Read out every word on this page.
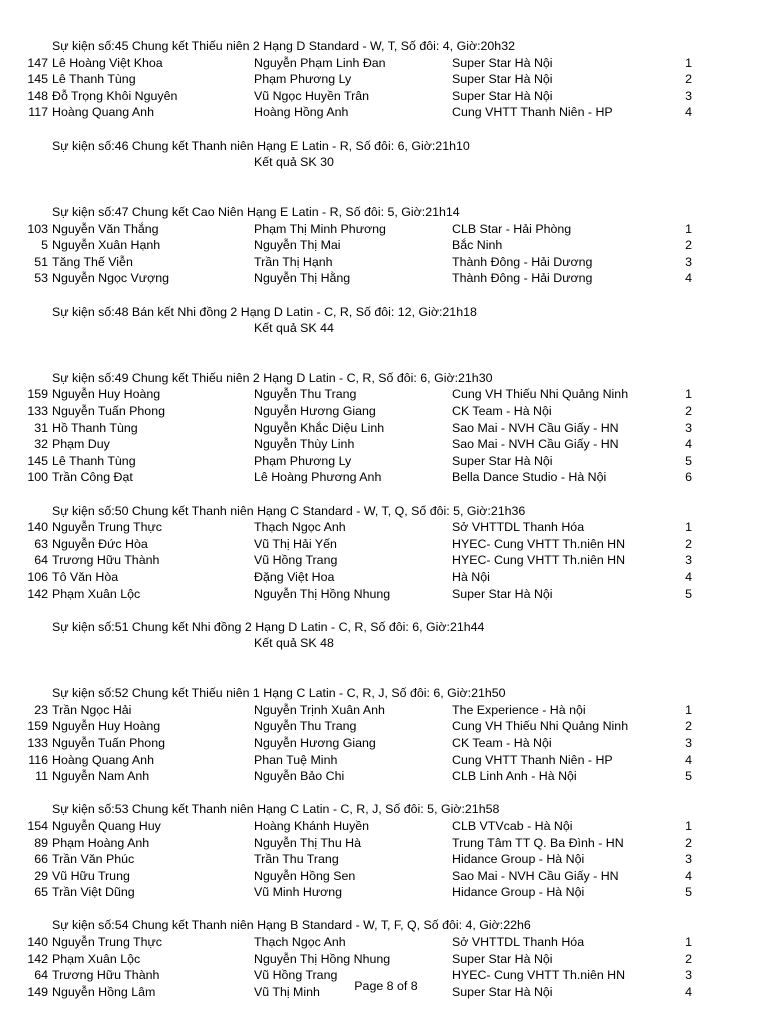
Sự kiện số:45 Chung kết Thiếu niên 2 Hạng D Standard - W, T, Số đôi: 4, Giờ:20h32
147 Lê Hoàng Việt Khoa	Nguyễn Phạm Linh Đan	Super Star Hà Nội	1
145 Lê Thanh Tùng	Phạm Phương Ly	Super Star Hà Nội	2
148 Đỗ Trọng Khôi Nguyên	Vũ Ngọc Huyền Trân	Super Star Hà Nội	3
117 Hoàng Quang Anh	Hoàng Hồng Anh	Cung VHTT Thanh Niên - HP	4
Sự kiện số:46 Chung kết Thanh niên Hạng E Latin - R, Số đôi: 6, Giờ:21h10
Kết quả SK 30
Sự kiện số:47 Chung kết Cao Niên Hạng E Latin - R, Số đôi: 5, Giờ:21h14
103 Nguyễn Văn Thắng	Phạm Thị Minh Phương	CLB Star - Hải Phòng	1
5 Nguyễn Xuân Hạnh	Nguyễn Thị Mai	Bắc Ninh	2
51 Tăng Thế Viễn	Trần Thị Hạnh	Thành Đông - Hải Dương	3
53 Nguyễn Ngọc Vượng	Nguyễn Thị Hằng	Thành Đông - Hải Dương	4
Sự kiện số:48 Bán kết Nhi đồng 2 Hạng D Latin - C, R, Số đôi: 12, Giờ:21h18
Kết quả SK 44
Sự kiện số:49 Chung kết Thiếu niên 2 Hạng D Latin - C, R, Số đôi: 6, Giờ:21h30
159 Nguyễn Huy Hoàng	Nguyễn Thu Trang	Cung VH Thiếu Nhi Quảng Ninh	1
133 Nguyễn Tuấn Phong	Nguyễn Hương Giang	CK Team - Hà Nội	2
31 Hồ Thanh Tùng	Nguyễn Khắc Diệu Linh	Sao Mai - NVH Cầu Giấy - HN	3
32 Phạm Duy	Nguyễn Thùy Linh	Sao Mai - NVH Cầu Giấy - HN	4
145 Lê Thanh Tùng	Phạm Phương Ly	Super Star Hà Nội	5
100 Trần Công Đạt	Lê Hoàng Phương Anh	Bella Dance Studio - Hà Nội	6
Sự kiện số:50 Chung kết Thanh niên Hạng C Standard - W, T, Q, Số đôi: 5, Giờ:21h36
140 Nguyễn Trung Thực	Thạch Ngọc Anh	Sở VHTTDL Thanh Hóa	1
63 Nguyễn Đức Hòa	Vũ Thị Hải Yến	HYEC- Cung VHTT Th.niên HN	2
64 Trương Hữu Thành	Vũ Hồng Trang	HYEC- Cung VHTT Th.niên HN	3
106 Tô Văn Hòa	Đặng Việt Hoa	Hà Nội	4
142 Phạm Xuân Lộc	Nguyễn Thị Hồng Nhung	Super Star Hà Nội	5
Sự kiện số:51 Chung kết Nhi đồng 2 Hạng D Latin - C, R, Số đôi: 6, Giờ:21h44
Kết quả SK 48
Sự kiện số:52 Chung kết Thiếu niên 1 Hạng C Latin - C, R, J, Số đôi: 6, Giờ:21h50
23 Trần Ngọc Hải	Nguyễn Trịnh Xuân Anh	The Experience - Hà nội	1
159 Nguyễn Huy Hoàng	Nguyễn Thu Trang	Cung VH Thiếu Nhi Quảng Ninh	2
133 Nguyễn Tuấn Phong	Nguyễn Hương Giang	CK Team - Hà Nội	3
116 Hoàng Quang Anh	Phan Tuệ Minh	Cung VHTT Thanh Niên - HP	4
11 Nguyễn Nam Anh	Nguyễn Bảo Chi	CLB Linh Anh - Hà Nội	5
Sự kiện số:53 Chung kết Thanh niên Hạng C Latin - C, R, J, Số đôi: 5, Giờ:21h58
154 Nguyễn Quang Huy	Hoàng Khánh Huyền	CLB VTVcab - Hà Nội	1
89 Phạm Hoàng Anh	Nguyễn Thị Thu Hà	Trung Tâm TT Q. Ba Đình - HN	2
66 Trần Văn Phúc	Trần Thu Trang	Hidance Group - Hà Nội	3
29 Vũ Hữu Trung	Nguyễn Hồng Sen	Sao Mai - NVH Cầu Giấy - HN	4
65 Trần Việt Dũng	Vũ Minh Hương	Hidance Group - Hà Nội	5
Sự kiện số:54 Chung kết Thanh niên Hạng B Standard - W, T, F, Q, Số đôi: 4, Giờ:22h6
140 Nguyễn Trung Thực	Thạch Ngọc Anh	Sở VHTTDL Thanh Hóa	1
142 Phạm Xuân Lộc	Nguyễn Thị Hồng Nhung	Super Star Hà Nội	2
64 Trương Hữu Thành	Vũ Hồng Trang	HYEC- Cung VHTT Th.niên HN	3
149 Nguyễn Hồng Lâm	Vũ Thị Minh	Super Star Hà Nội	4
Page 8 of 8
